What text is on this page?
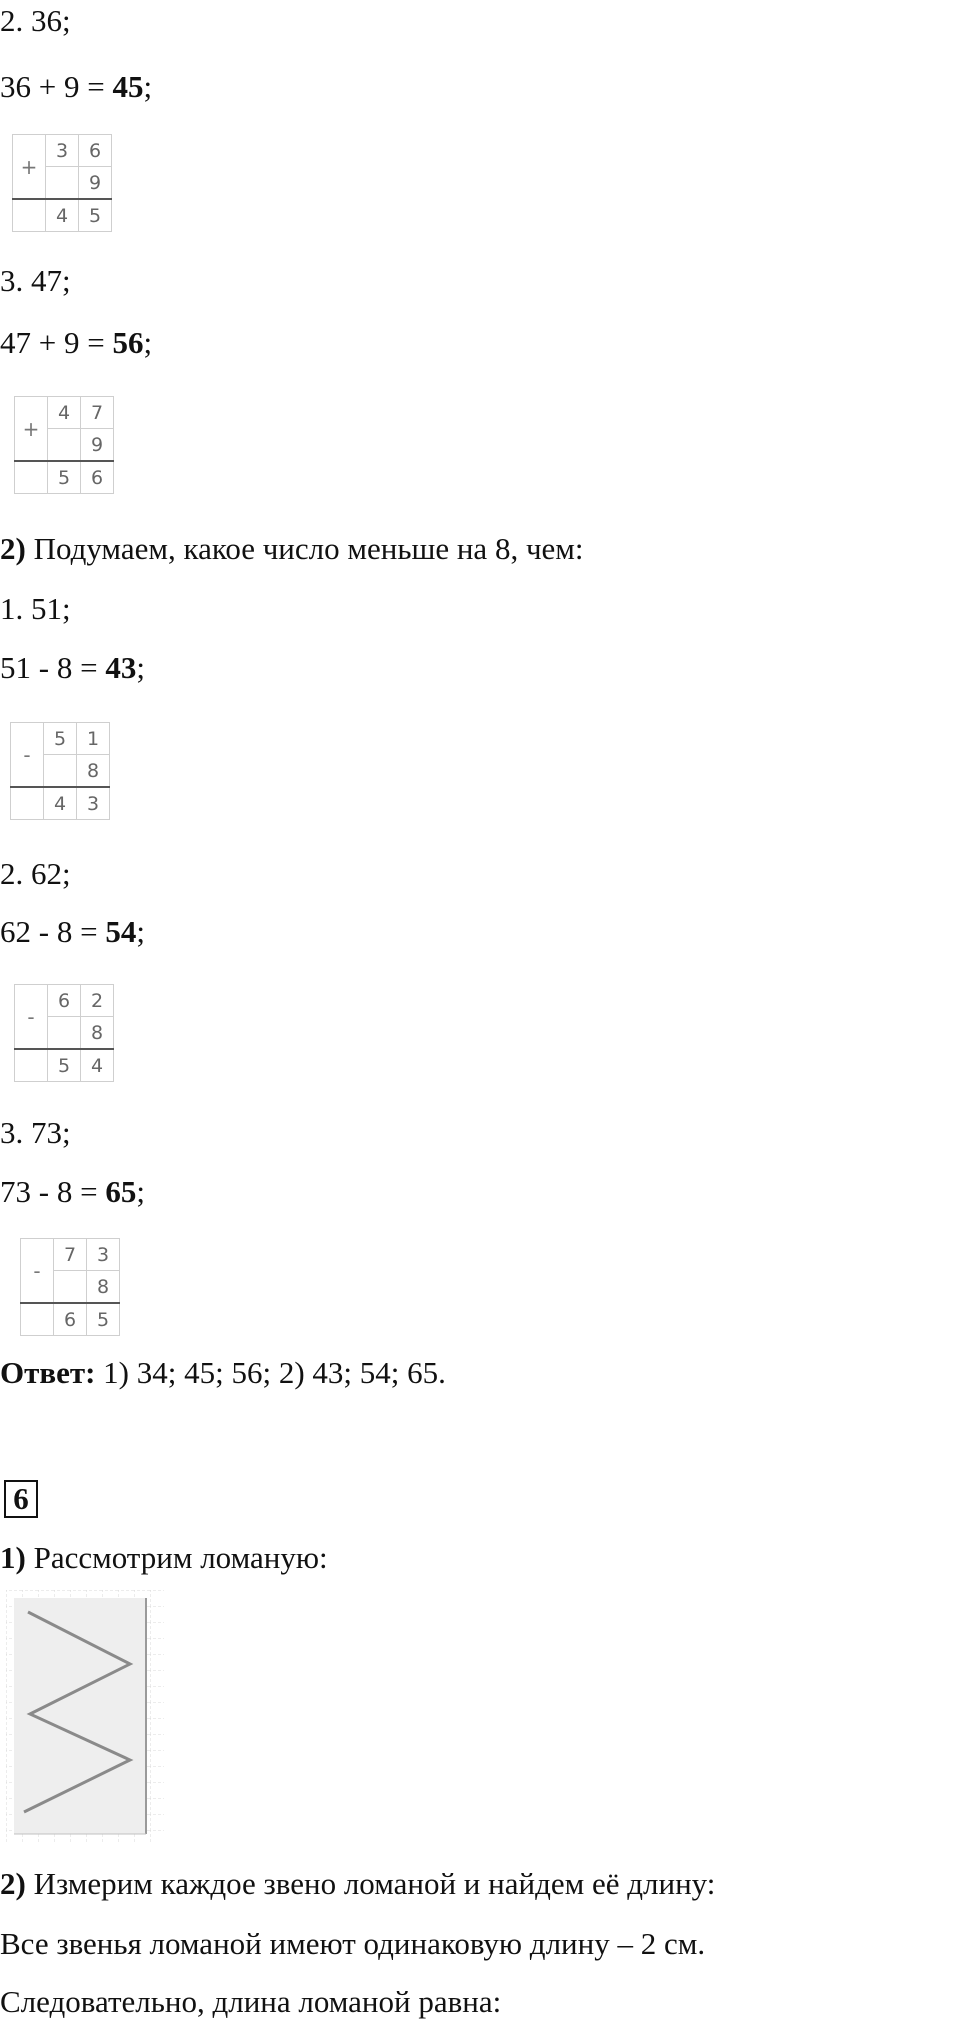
2. 36;
36 + 9 = 45;
+	3	6
		9
	4	5
3. 47;
47 + 9 = 56;
+	4	7
		9
	5	6
2) Подумаем, какое число меньше на 8, чем:
1. 51;
51 - 8 = 43;
-	5	1
		8
	4	3
2. 62;
62 - 8 = 54;
-	6	2
		8
	5	4
3. 73;
73 - 8 = 65;
-	7	3
		8
	6	5
Ответ: 1) 34; 45; 56; 2) 43; 54; 65.
6
1) Рассмотрим ломаную:
2) Измерим каждое звено ломаной и найдем её длину:
Все звенья ломаной имеют одинаковую длину – 2 см.
Следовательно, длина ломаной равна:
